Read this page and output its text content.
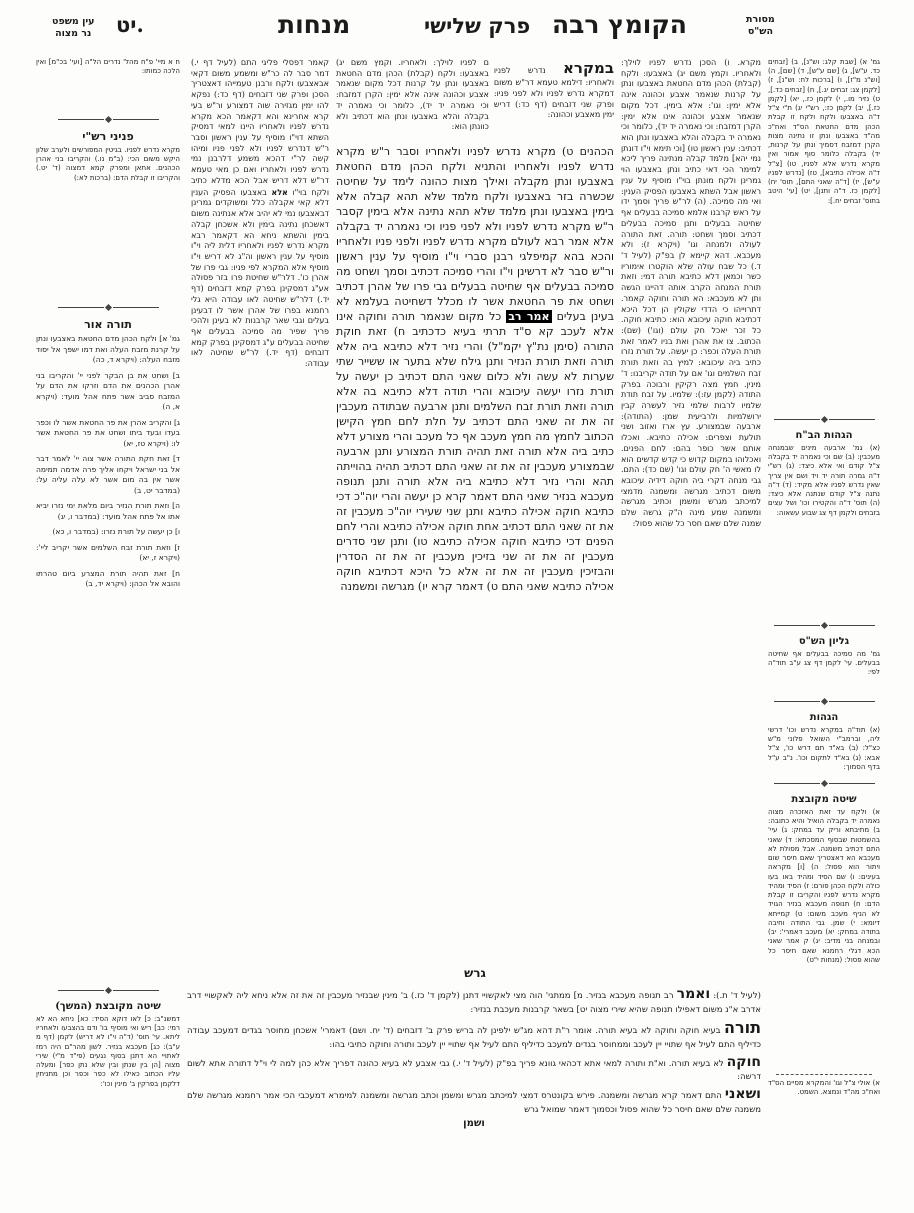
עין משפט
נר מצוה יט.	מנחות	פרק שלישי הקומץ רבה	מסורת
הש"ס
גמ' א) [שבת קלג: וש"נ], ב) [זבחים כד. ע"ש], ג) [שם ע"ש], ד) [שם], ה) [וש"נ מ"ז], ו) [ברכות לח: וש"נ], ז) [לקמן צג: זבחים יג.], ח) [זבחים כד.], ט) נזיר מו., י) לקמן כז., יא) [לקמן כז.], יב) לקמן כז:, רש"י יג) ת"י צ"ל ד"ה באצבעו ולקח ולקח זו קבלת הכהן מדם החטאת הס"ד ואח"כ מה"ד באצבעו ונתן זו נתינה מצות הקרן דמזבח דסמיך ונתן על קרנות, יד) בקבלה כלומר סוף אמור ואין מקרא נדרש אלא לפניו, טו) [צ"ל ד"ה אכילה כתיבא], טז) [נדרש לפניו ע"ש], יז) [ד"ה שאני התם], תוס' יח) [לקמן כז. ד"ה ותנן], יט) [עי' היטב בתוס' זבחים יח.]:
הגהות הב"ח
(א) גמ' ארבעה מינים שבמנחה מעכבין: (ב) שם וכי נאמרה יד בקבלה צ"ל קודם ואי אלא כיצד: (ג) רש"י ד"ה גמרה תורה יד ויד ושם אין צריך שאין נדרש לפניו אלא מקיד: (ד) ד"ה נתנה צ"ל קודם שנתנה אלא כיצד: (ה) תוס' ד"ה והקטירו וכו' ושל עצים בזבחים ולקמן דף צג שבוע עשאוה:
גליון הש"ס
גמ' מה סמיכה בבעלים אף שחיטה בבעלים. עי' לקמן דף צג ע"ב תוד"ה לפי:
הגהות
(א) תוד"ה במקרא נדרש וכו' דרשי ליה, וברמב"י השואל פלוני מ"ש כצ"ל: (ב) בא"ד תם דרש כו', צ"ל אבא: (ג) בא"ד לתקום וכו'. נ"ב ע"ל בדף הסמוך:
שיטה מקובצת
א) ולקח עד זאת האזכרה מצוה נאמרה יד בקבלה הואיל והיא כתובה: ב) מתיבתא וריק עד במחק: ג) עיי' בהשמטות שבסוף המסכתא: ד) שאני התם דכתיב משמנה. אבל מסולת לא מעכבא הא דאצטריך שאם חיסר שום ויתור הוא פסול: ה) [ו] מקראה בעינים: ו) שם הסיד ומהיד באו בעו כולה ולקח הכהן פורם: ז) הסיד ומהיד מקרא נדרש לפניו והקריבו זו קבלת הדם: ח) תנופה מעכבא בנזיר הגויד לא הניף מעכב משום: ט) קמייתא דיומא: י) שמן. גבי התודה וחיבה בתודה במחק: יא) מעכב דאמרי': יב) ובמנחה בני מדיב: יג) ק אמר שאני הכא דגלי רחמנא שאם חיסר כל שהוא פסול: (מנחות י"ט)
א) אולי צ"ל וגו' והמקרא מסיים הס"ד ואח"כ מה"ד ונמצא. השמט.
מקרא. ו) הסכן נדרש לפניו לוילך: ולאחריו. וקמץ משם יג) באצבעו: ולקח (קבלת) הכהן מדם החטאת באצבעו ונתן על קרנות שנאמר אצבע וכהונה אינה אלא ימין: וגו': אלא בימין. דכל מקום שנאמר אצבע וכהונה אינו אלא ימין: הקרן דמזבח: וכי נאמרה יד יד), כלומר וכי נאמרה יד בקבלה והלא באצבעו ונתן הוא דכתיב: ענין ראשון טו) [וכי תימא וי"ו דונתן נמי יהא] מלמד קבלה מנתינה פריך ליכא למימר הכי דאי כתיב ונתן באצבעו הוי גמרינן ולקח מונתן בוי"ו מוסיף על ענין ראשון אבל השתא באצבעו הפסיק הענין: ואי מה סמיכה. (ה) לר"ש פריך וסמך ידו על ראש קרבנו אלמא סמיכה בבעלים אף שחיטה בבעלים ותנן סמיכה בבעלים דכתיב וסמך ושחט: תורה. זאת התורה לעולה ולמנחה וגו' (ויקרא ז): ולא מעכבא. דהא קיימא לן בפ"ק (לעיל ד' ד.) כל שבח עולה שלא הוקטרו אימוריו כשר וכמאן דלא כתיבא תורה דמי: וזאת תורת המנחה הקרב אותה דהיינו הגשה ותן לא מעכבא: הא תורה וחוקה קאמר. דתרוייהו כי הדדי שקולין הן דכל היכא דכתיבא חוקה עיכובא הוא: כתיבא חוקה. כל זכר יאכל חק עולם (וגו') (שם): הכתוב. צו את אהרן ואת בניו לאמר זאת תורת העלה וכפר: כן יעשה. על תורת נזרו כתיב ביה עיכובא: למיץ בה וזאת תורת זבח השלמים וגו' אם על תודה יקריבנו: ד' מינין. חמץ מצה רקיקין ורבוכה בפרק התודה (לקמן עז:): שלמיו. על זבח תודת שלמיו לרבות שלמי נזיר לעשרה קבין ירושלמיות ולרביעית שמן: (התודה): ארבעה שבמצורע. עץ ארז ואזוב ושני תולעת וצפרים: אכילה כתיבא. ואכלו אותם אשר כופר בהם: לחם הפנים. ואכלוהו במקום קדוש כי קדש קדשים הוא לו מאשי ה' חק עולם וגו' (שם כד): התם. גבי מנחה דקרי ביה חוקה דידיה עיכובא משום דכתיב מגרשה ומשמנה מדמצי למיכתב מגרש ומשמן וכתיב מגרשה ומשמנה שמע מינה ה"ק גרשה שלם שמנה שלם שאם חסר כל שהוא פסול:
במקרא נדרש לפניו ולאחריו: דילמא טעמא דר"ש משום דמקרא נדרש לפניו ולא לפני פניו: ופרק שני דזבחים (דף כד:) דריש ימין מאצבע וכהונה:
ם לפניו לוילך: ולאחריו. וקמץ משם יג) באצבעו: ולקח (קבלת) הכהן מדם החטאת באצבעו ונתן על קרנות דכל מקום שנאמר אצבע וכהונה אינה אלא ימין: הקרן דמזבח: וכי נאמרה יד יד), כלומר וכי נאמרה יד בקבלה והלא באצבעו ונתן הוא דכתיב ולא כוונתן הוא:
הכהנים ט) מקרא נדרש לפניו ולאחריו וסבר ר"ש מקרא נדרש לפניו ולאחריו והתניא ולקח הכהן מדם החטאת באצבעו ונתן מקבלה ואילך מצות כהונה לימד על שחיטה שכשרה בזר באצבעו ולקח מלמד שלא תהא קבלה אלא בימין באצבעו ונתן מלמד שלא תהא נתינה אלא בימין קסבר ר"ש מקרא נדרש לפניו ולא לפני פניו וכי נאמרה יד בקבלה אלא אמר רבא לעולם מקרא נדרש לפניו ולפני פניו ולאחריו והכא בהא קמיפלגי רבנן סברי וי"ו מוסיף על ענין ראשון ור"ש סבר לא דרשינן וי"ו והרי סמיכה דכתיב וסמך ושחט מה סמיכה בבעלים אף שחיטה בבעלים גבי פרו של אהרן דכתיב ושחט את פר החטאת אשר לו מכלל דשחיטה בעלמא לא בעינן בעלים אמר רב כל מקום שנאמר תורה וחוקה אינו אלא לעכב קא ס"ד תרתי בעיא כדכתיב ח) זאת חוקת התורה (סימן נת"ץ יקמ"ל) והרי נזיר דלא כתיבא ביה אלא תורה וזאת תורת הנזיר ותנן גילח שלא בתער או ששייר שתי שערות לא עשה ולא כלום שאני התם דכתיב כן יעשה על תורת נזרו יעשה עיכובא והרי תודה דלא כתיבא בה אלא תורה וזאת תורת זבח השלמים ותנן ארבעה שבתודה מעכבין זה את זה שאני התם דכתיב על חלת לחם חמץ הקישן הכתוב לחמץ מה חמץ מעכב אף כל מעכב והרי מצורע דלא כתיב ביה אלא תורה זאת תהיה תורת המצורע ותנן ארבעה שבמצורע מעכבין זה את זה שאני התם דכתיב תהיה בהוייתה תהא והרי נזיר דלא כתיבא ביה אלא תורה ותנן תנופה מעכבא בנזיר שאני התם דאמר קרא כן יעשה והרי יוה"כ דכי כתיבא חוקה אכילה כתיבא ותנן שני שעירי יוה"כ מעכבין זה את זה שאני התם דכתיב אחת חוקה אכילה כתיבא והרי לחם הפנים דכי כתיבא חוקה אכילה כתיבא טו) ותנן שני סדרים מעכבין זה את זה שני בזיכין מעכבין זה את זה הסדרין והבזיכין מעכבין זה את זה אלא כל היכא דכתיבא חוקה אכילה כתיבא שאני התם ט) דאמר קרא יו) מגרשה ומשמנה
גרש
קאמר דפסלי פליגי התם (לעיל דף י.) דמר סבר לה כר"ש ומשמע משום דקאי אבאצבעו ולקח ורבנן טעמייהו דאצטריך הסכן ופרק שני דזבחים (דף כד:) נפקא להו ימין מגזירה שוה דמצורע ור"ש בעי קרא אחרינא והא דקאמר הכא מקרא נדרש לפניו ולאחריו היינו למאי דמסיק השתא דוי"ו מוסיף על ענין ראשון וסבר ר"ש דנדרש לפניו ולא לפני פניו ומיהו קשה לר"י דהכא משמע דלרבנן נמי נדרש לפניו ולאחריו ואם כן מאי טעמא דר"ש דלא דריש אבל הכא מדלא כתיב ולקח בוי"ו אלא באצבעו הפסיק הענין דלא קאי אקבלה כלל ומשוקדים גמרינן דבאצבעו נמי לא יהיב אלא אנתינה משום דאשכחן נתינה בימין ולא אשכחן קבלה בימין והשתא ניחא הא דקאמר רבא מקרא נדרש לפניו ולאחריו דלית ליה וי"ו מוסיף על ענין ראשון וה"ג לא דריש וי"ו מוסיף אלא המקרא לפי פניו: גבי פרו של אהרן כו'. דלר"ש שחיטת פרו בזר פסולה אע"ג דמסקינן בפרק קמא דזבחים (דף יד.) דלר"ש שחיטה לאו עבודה היא גלי רחמנא בפרו של אהרן אשר לו דבעינן בעלים וגבי שאר קרבנות לא בעינן ולהכי פריך שפיר מה סמיכה בבעלים אף שחיטה בבעלים ע"ג דמסקינן בפרק קמא דזבחים (דף יד.) לר"ש שחיטה לאו עבודה:

(לעיל ד' ת.): ואמר רב תנופה מעכבא בנזיר. מ] ממתני' הוה מצי לאקשויי דתנן (לקמן ד' כז.) ב' מינין שבנזיר מעכבין זה את זה אלא ניחא ליה לאקשויי דרב אדרב א"נ משום דאפילו תנופה שהיא שירי מצוה יט] בשאר קרבנות מעכבת בנזיר:

תורה בעיא חוקה וחוקה לא בעיא תורה. אומר ר"ת דהא מג"ש ילפינן לה בריש פרק ב' דזבחים (ד' יח. ושם) דאמרי' אשכחן מחוסר בגדים דמעכב עבודה כדיליף התם לעיל אף שתויי יין לעכב וממחוסר בגדים למעכב כדיליף התם לעיל אף שתויי יין לעכב ותורה וחוקה כתיבי בהו:

חוקה לא בעיא תורה. וא"ת ותורה למאי אתא דכהאי גוונא פריך בפ"ק (לעיל ד' י.) גבי אצבע לא בעיא כהונה דפריך אלא כהן למה לי וי"ל דתורה אתא לשום דרשה:

ושאני התם דאמר קרא מגרשה ומשמנה. פירש בקונטרס דמצי למיכתב מגרש ומשמן וכתב מגרשה ומשמנה למימרא דמעכבי הכי אמר רחמנא מגרשה שלם משמנה שלם שאם חיסר כל שהוא פסול וכסמוך דאמר שמואל גרש

ושמן
ח א מיי' פ"ח מהל' נדרים הל"ה [ועי' בכ"מ] ואין הלכה כמותו:
פניני רש"י
מקרא נדרש לפניו. בגיטין המפורשים ולערב שלון היקש משום הכי: (ב"מ נו.) והקריבו בני אהרן הכהנים. אתאן ומפרק קמא דמצוה (ד' יט.) והקריבו זו קבלת הדם: (ברכות לא:)
תורה אור

גמ' א] ולקח הכהן מדם החטאת באצבעו ונתן על קרנת מזבח העלה ואת דמו ישפך אל יסוד מזבח העלה: (ויקרא ד, כה)

ב] ושחט את בן הבקר לפני יי' והקריבו בני אהרן הכהנים את הדם וזרקו את הדם על המזבח סביב אשר פתח אהל מועד: (ויקרא א, ה)

ג] והקריב אהרן את פר החטאת אשר לו וכפר בעדו ובעד ביתו ושחט את פר החטאת אשר לו: (ויקרא טז, יא)

ד] זאת חקת התורה אשר צוה יי' לאמר דבר אל בני ישראל ויקחו אליך פרה אדמה תמימה אשר אין בה מום אשר לא עלה עליה על: (במדבר יט, ב)

ה] וזאת תורת הנזיר ביום מלאת ימי נזרו יביא אתו אל פתח אהל מועד: (במדבר ו, יג)

ו] כן יעשה על תורת נזרו: (במדבר ו, כא)

ז] וזאת תורת זבח השלמים אשר יקריב ליי': (ויקרא ז, יא)

ח] זאת תהיה תורת המצרע ביום טהרתו והובא אל הכהן: (ויקרא יד, ב)

שיטה מקובצת (המשך)
דמשנ"ב: כ] לאו דוקא הסיד: כא] ניחא הא לא רמי: כב] ריש ואי מוסיף בו' ודם בהצבעו ולאחריו ליתא. עי' תוס' (ד"ה וי"ו לא דריש) לקמן (דף מ ע"ב): כג] מעכבא בנזיר. לשון מהר"ם היה רמז לאתויי הא דתנן בסוף נגעים (פי"ד מ"י) שירי מצוה [הן בין שנתן ובין שלא נתן כפר] ומעלה עליו הכתוב כאילו לא כפר וכפר וכן מתניתין דלקמן בפרקין ב' מינין וכו':
